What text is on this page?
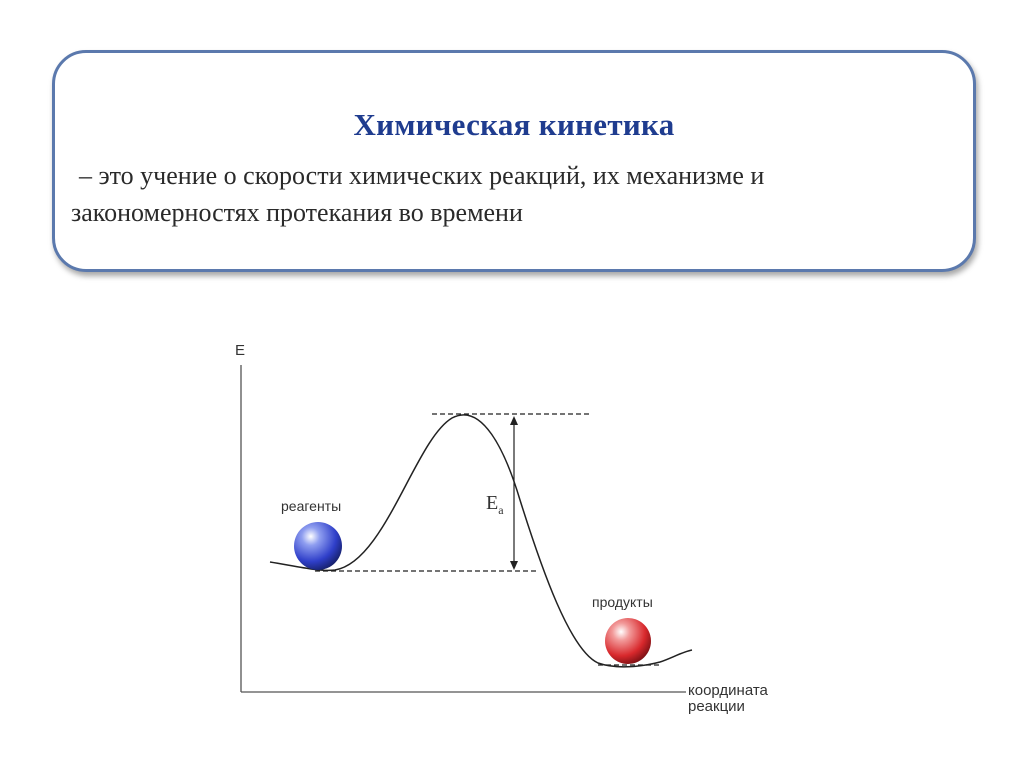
Химическая кинетика
– это учение о скорости химических реакций, их механизме и закономерностях протекания во времени
E
координата
реакции
$E_a$
реагенты
продукты
